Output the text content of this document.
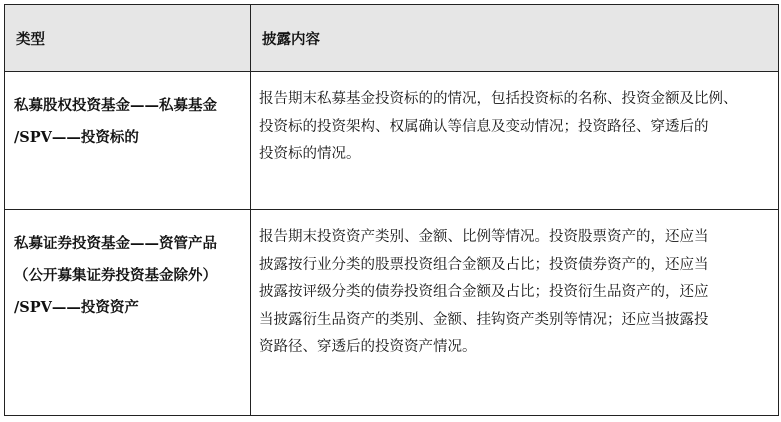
类型	披露内容

私募股权投资基金——私募基金
/SPV——投资标的	报告期末私募基金投资标的的情况，包括投资标的名称、投资金额及比例、
投资标的投资架构、权属确认等信息及变动情况；投资路径、穿透后的
投资标的情况。

私募证券投资基金——资管产品
（公开募集证券投资基金除外）
/SPV——投资资产	报告期末投资资产类别、金额、比例等情况。投资股票资产的，还应当
披露按行业分类的股票投资组合金额及占比；投资债券资产的，还应当
披露按评级分类的债券投资组合金额及占比；投资衍生品资产的，还应
当披露衍生品资产的类别、金额、挂钩资产类别等情况；还应当披露投
资路径、穿透后的投资资产情况。
